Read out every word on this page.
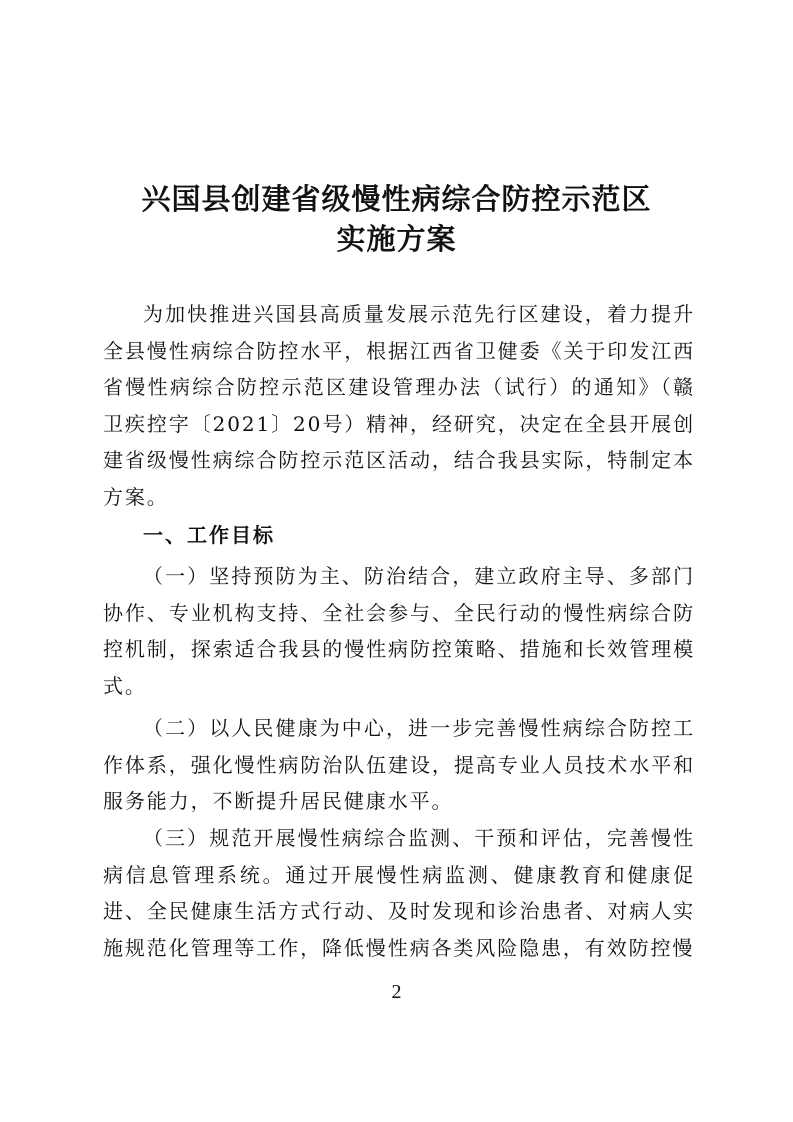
兴国县创建省级慢性病综合防控示范区
实施方案

为加快推进兴国县高质量发展示范先行区建设，着力提升全县慢性病综合防控水平，根据江西省卫健委《关于印发江西省慢性病综合防控示范区建设管理办法（试行）的通知》（赣卫疾控字〔2021〕20号）精神，经研究，决定在全县开展创建省级慢性病综合防控示范区活动，结合我县实际，特制定本方案。

一、工作目标

（一）坚持预防为主、防治结合，建立政府主导、多部门协作、专业机构支持、全社会参与、全民行动的慢性病综合防控机制，探索适合我县的慢性病防控策略、措施和长效管理模式。

（二）以人民健康为中心，进一步完善慢性病综合防控工作体系，强化慢性病防治队伍建设，提高专业人员技术水平和服务能力，不断提升居民健康水平。

（三）规范开展慢性病综合监测、干预和评估，完善慢性病信息管理系统。通过开展慢性病监测、健康教育和健康促进、全民健康生活方式行动、及时发现和诊治患者、对病人实施规范化管理等工作，降低慢性病各类风险隐患，有效防控慢

2
